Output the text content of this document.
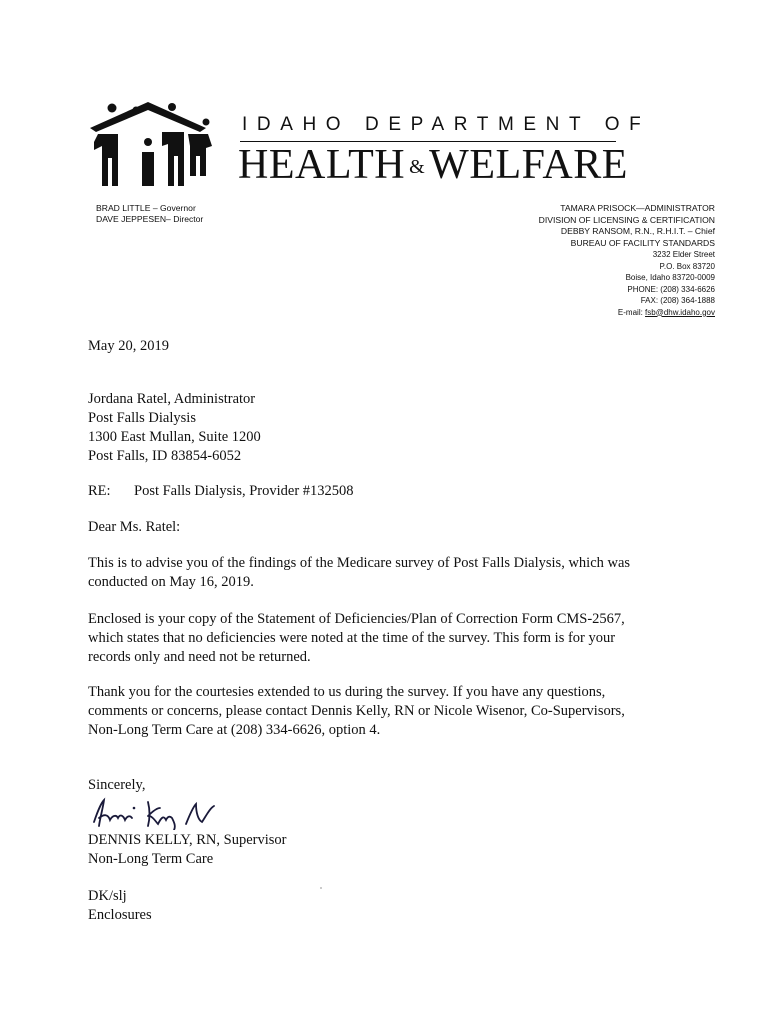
IDAHO DEPARTMENT OF
HEALTH &WELFARE
BRAD LITTLE – Governor
DAVE JEPPESEN– Director
TAMARA PRISOCK—ADMINISTRATOR
DIVISION OF LICENSING & CERTIFICATION
DEBBY RANSOM, R.N., R.H.I.T. – Chief
BUREAU OF FACILITY STANDARDS
3232 Elder Street
P.O. Box 83720
Boise, Idaho 83720-0009
PHONE: (208) 334-6626
FAX: (208) 364-1888
E-mail: fsb@dhw.idaho.gov
May 20, 2019
Jordana Ratel, Administrator
Post Falls Dialysis
1300 East Mullan, Suite 1200
Post Falls, ID 83854-6052
RE: Post Falls Dialysis, Provider #132508
Dear Ms. Ratel:
This is to advise you of the findings of the Medicare survey of Post Falls Dialysis, which was
conducted on May 16, 2019.
Enclosed is your copy of the Statement of Deficiencies/Plan of Correction Form CMS-2567,
which states that no deficiencies were noted at the time of the survey. This form is for your
records only and need not be returned.
Thank you for the courtesies extended to us during the survey. If you have any questions,
comments or concerns, please contact Dennis Kelly, RN or Nicole Wisenor, Co-Supervisors,
Non-Long Term Care at (208) 334-6626, option 4.
Sincerely,
DENNIS KELLY, RN, Supervisor
Non-Long Term Care
DK/slj
Enclosures
